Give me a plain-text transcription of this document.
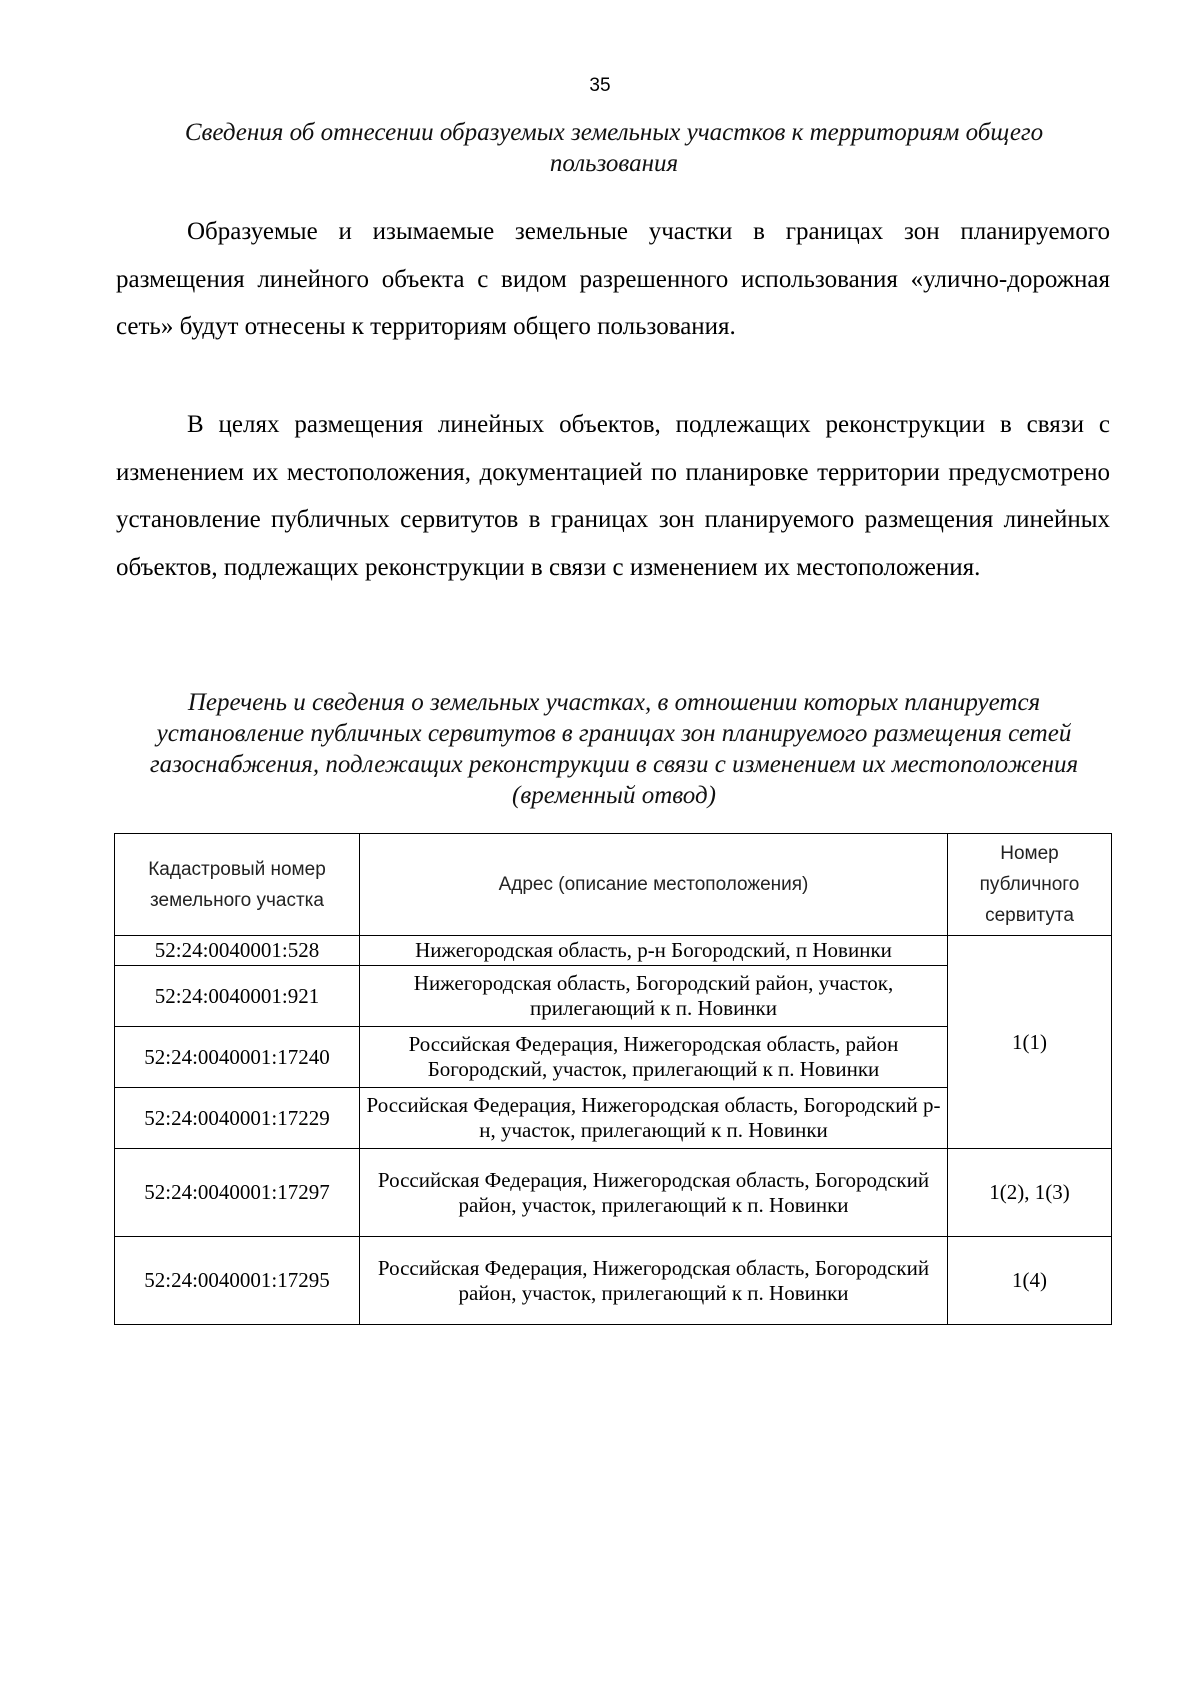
35
Сведения об отнесении образуемых земельных участков к территориям общего пользования

Образуемые и изымаемые земельные участки в границах зон планируемого размещения линейного объекта с видом разрешенного использования «улично-дорожная сеть» будут отнесены к территориям общего пользования.

В целях размещения линейных объектов, подлежащих реконструкции в связи с изменением их местоположения, документацией по планировке территории предусмотрено установление публичных сервитутов в границах зон планируемого размещения линейных объектов, подлежащих реконструкции в связи с изменением их местоположения.

Перечень и сведения о земельных участках, в отношении которых планируется установление публичных сервитутов в границах зон планируемого размещения сетей газоснабжения, подлежащих реконструкции в связи с изменением их местоположения (временный отвод)
Кадастровый номер земельного участка	Адрес (описание местоположения)	Номер публичного сервитута
52:24:0040001:528	Нижегородская область, р-н Богородский, п Новинки	1(1)
52:24:0040001:921	Нижегородская область, Богородский район, участок, прилегающий к п. Новинки	
52:24:0040001:17240	Российская Федерация, Нижегородская область, район Богородский, участок, прилегающий к п. Новинки	
52:24:0040001:17229	Российская Федерация, Нижегородская область, Богородский р-н, участок, прилегающий к п. Новинки	
52:24:0040001:17297	Российская Федерация, Нижегородская область, Богородский район, участок, прилегающий к п. Новинки	1(2), 1(3)
52:24:0040001:17295	Российская Федерация, Нижегородская область, Богородский район, участок, прилегающий к п. Новинки	1(4)
